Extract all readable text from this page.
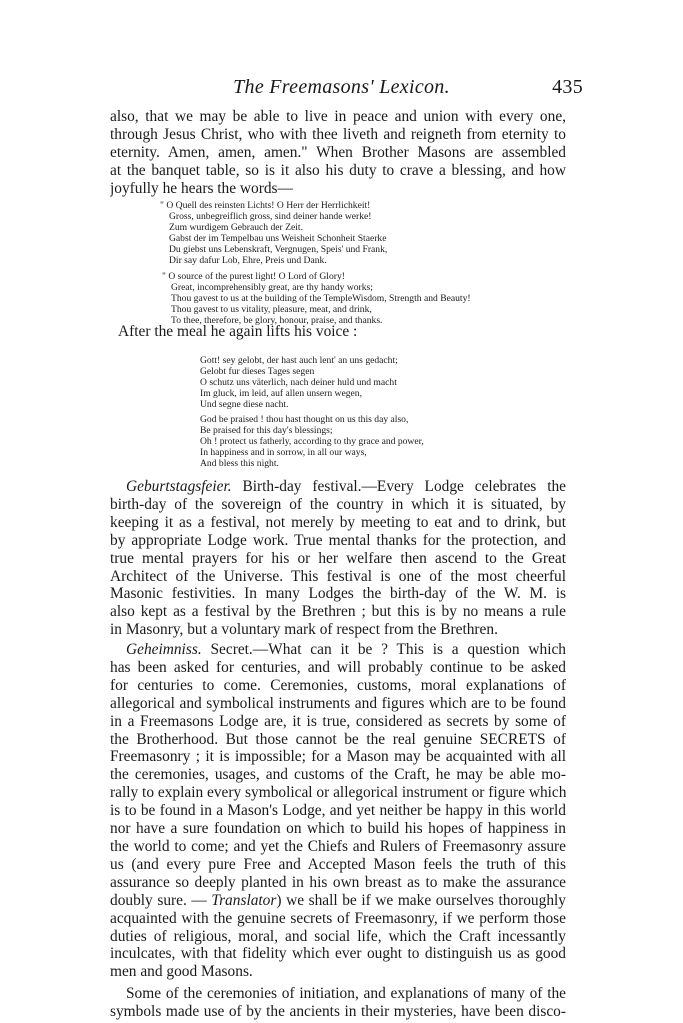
The Freemasons' Lexicon.	435
also, that we may be able to live in peace and union with every one,
through Jesus Christ, who with thee liveth and reigneth from eternity to
eternity. Amen, amen, amen." When Brother Masons are assembled
at the banquet table, so is it also his duty to crave a blessing, and how
joyfully he hears the words—
" O Quell des reinsten Lichts! O Herr der Herrlichkeit!
Gross, unbegreiflich gross, sind deiner hande werke!
Zum wurdigem Gebrauch der Zeit.
Gabst der im Tempelbau uns Weisheit Schonheit Staerke
Du giebst uns Lebenskraft, Vergnugen, Speis' und Frank,
Dir say dafur Lob, Ehre, Preis und Dank.
" O source of the purest light! O Lord of Glory!
Great, incomprehensibly great, are thy handy works;
Thou gavest to us at the building of the TempleWisdom, Strength and Beauty!
Thou gavest to us vitality, pleasure, meat, and drink,
To thee, therefore, be glory, honour, praise, and thanks.
After the meal he again lifts his voice :
Gott! sey gelobt, der hast auch lent' an uns gedacht;
Gelobt fur dieses Tages segen
O schutz uns väterlich, nach deiner huld und macht
Im gluck, im leid, auf allen unsern wegen,
Und segne diese nacht.
God be praised ! thou hast thought on us this day also,
Be praised for this day's blessings;
Oh ! protect us fatherly, according to thy grace and power,
In happiness and in sorrow, in all our ways,
And bless this night.
Geburtstagsfeier. Birth-day festival.—Every Lodge celebrates the
birth-day of the sovereign of the country in which it is situated, by
keeping it as a festival, not merely by meeting to eat and to drink, but
by appropriate Lodge work. True mental thanks for the protection, and
true mental prayers for his or her welfare then ascend to the Great
Architect of the Universe. This festival is one of the most cheerful
Masonic festivities. In many Lodges the birth-day of the W. M. is
also kept as a festival by the Brethren ; but this is by no means a rule
in Masonry, but a voluntary mark of respect from the Brethren.
Geheimniss. Secret.—What can it be ? This is a question which
has been asked for centuries, and will probably continue to be asked
for centuries to come. Ceremonies, customs, moral explanations of
allegorical and symbolical instruments and figures which are to be found
in a Freemasons Lodge are, it is true, considered as secrets by some of
the Brotherhood. But those cannot be the real genuine SECRETS of
Freemasonry ; it is impossible; for a Mason may be acquainted with all
the ceremonies, usages, and customs of the Craft, he may be able mo-
rally to explain every symbolical or allegorical instrument or figure which
is to be found in a Mason's Lodge, and yet neither be happy in this world
nor have a sure foundation on which to build his hopes of happiness in
the world to come; and yet the Chiefs and Rulers of Freemasonry assure
us (and every pure Free and Accepted Mason feels the truth of this
assurance so deeply planted in his own breast as to make the assurance
doubly sure. — Translator) we shall be if we make ourselves thoroughly
acquainted with the genuine secrets of Freemasonry, if we perform those
duties of religious, moral, and social life, which the Craft incessantly
inculcates, with that fidelity which ever ought to distinguish us as good
men and good Masons.
Some of the ceremonies of initiation, and explanations of many of the
symbols made use of by the ancients in their mysteries, have been disco-
